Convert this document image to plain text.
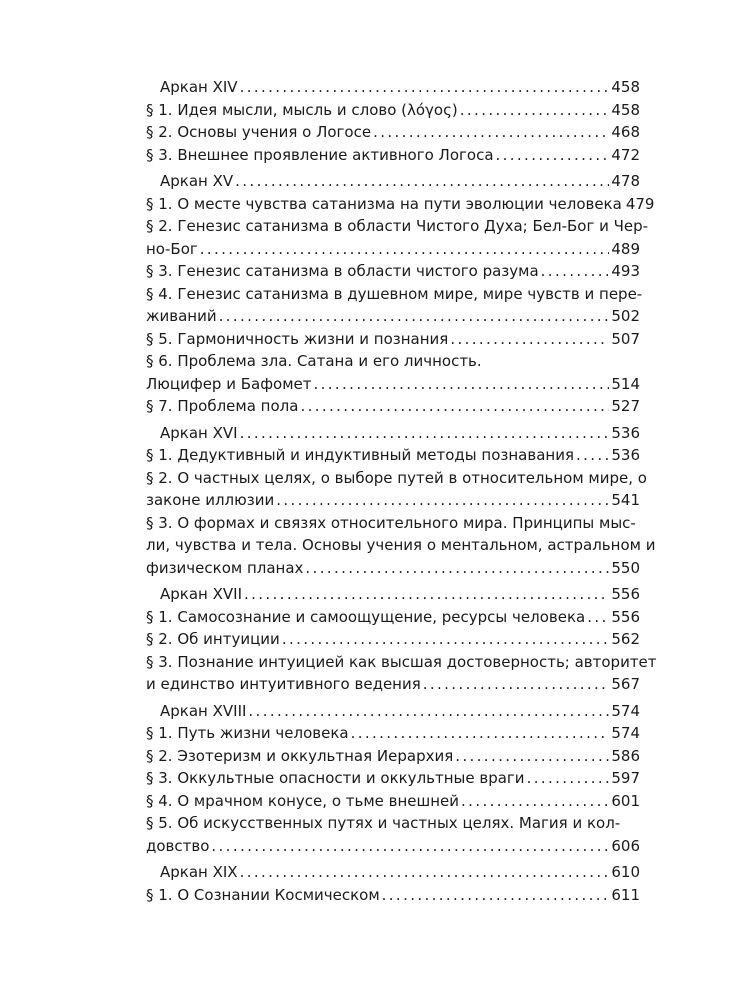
Аркан XIV . . .	458
§ 1. Идея мысли, мысль и слово (λόγος) . . .	458
§ 2. Основы учения о Логосе . . .	468
§ 3. Внешнее проявление активного Логоса . . .	472
Аркан XV . . .	478
§ 1. О месте чувства сатанизма на пути эволюции человека 479
§ 2. Генезис сатанизма в области Чистого Духа; Бел-Бог и Чер-
но-Бог . . .	489
§ 3. Генезис сатанизма в области чистого разума . . .	493
§ 4. Генезис сатанизма в душевном мире, мире чувств и пере-
живаний . . .	502
§ 5. Гармоничность жизни и познания . . .	507
§ 6. Проблема зла. Сатана и его личность.
Люцифер и Бафомет . . .	514
§ 7. Проблема пола . . .	527
Аркан XVI . . .	536
§ 1. Дедуктивный и индуктивный методы познавания . . . 536
§ 2. О частных целях, о выборе путей в относительном мире, о
законе иллюзии . . .	541
§ 3. О формах и связях относительного мира. Принципы мыс-
ли, чувства и тела. Основы учения о ментальном, астральном и
физическом планах . . .	550
Аркан XVII . . .	556
§ 1. Самосознание и самоощущение, ресурсы человека . . . 556
§ 2. Об интуиции . . .	562
§ 3. Познание интуицией как высшая достоверность; авторитет
и единство интуитивного ведения . . .	567
Аркан XVIII . . .	574
§ 1. Путь жизни человека . . .	574
§ 2. Эзотеризм и оккультная Иерархия . . .	586
§ 3. Оккультные опасности и оккультные враги . . .	597
§ 4. О мрачном конусе, о тьме внешней . . .	601
§ 5. Об искусственных путях и частных целях. Магия и кол-
довство . . .	606
Аркан XIX . . .	610
§ 1. О Сознании Космическом . . .	611
